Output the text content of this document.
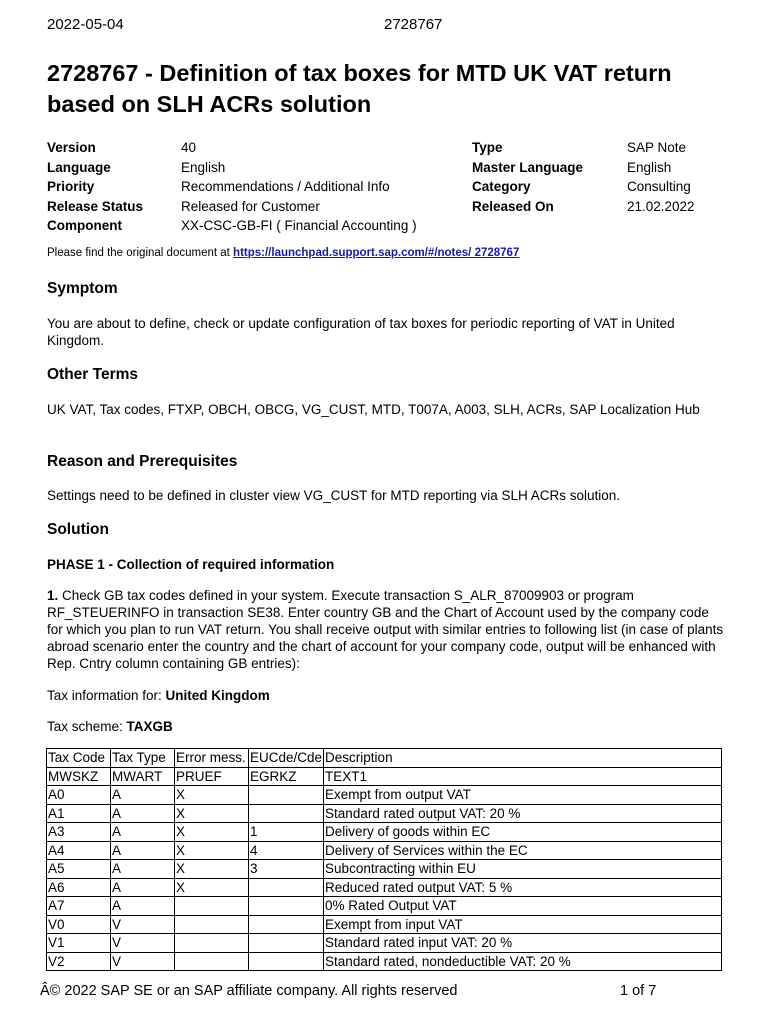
2022-05-04	2728767
2728767 - Definition of tax boxes for MTD UK VAT return based on SLH ACRs solution
Version	40
Language	English
Priority	Recommendations / Additional Info
Release Status	Released for Customer
Component	XX-CSC-GB-FI ( Financial Accounting )
Type	SAP Note
Master Language	English
Category	Consulting
Released On	21.02.2022
Please find the original document at https://launchpad.support.sap.com/#/notes/ 2728767
Symptom

You are about to define, check or update configuration of tax boxes for periodic reporting of VAT in United Kingdom.

Other Terms

UK VAT, Tax codes, FTXP, OBCH, OBCG, VG_CUST, MTD, T007A, A003, SLH, ACRs, SAP Localization Hub

Reason and Prerequisites

Settings need to be defined in cluster view VG_CUST for MTD reporting via SLH ACRs solution.

Solution

PHASE 1 - Collection of required information

1. Check GB tax codes defined in your system. Execute transaction S_ALR_87009903 or program RF_STEUERINFO in transaction SE38. Enter country GB and the Chart of Account used by the company code for which you plan to run VAT return. You shall receive output with similar entries to following list (in case of plants abroad scenario enter the country and the chart of account for your company code, output will be enhanced with Rep. Cntry column containing GB entries):

Tax information for: United Kingdom

Tax scheme: TAXGB

Tax Code	Tax Type	Error mess.	EUCde/Cde	Description
MWSKZ	MWART	PRUEF	EGRKZ	TEXT1
A0	A	X		Exempt from output VAT
A1	A	X		Standard rated output VAT: 20 %
A3	A	X	1	Delivery of goods within EC
A4	A	X	4	Delivery of Services within the EC
A5	A	X	3	Subcontracting within EU
A6	A	X		Reduced rated output VAT: 5 %
A7	A			0% Rated Output VAT
V0	V			Exempt from input VAT
V1	V			Standard rated input VAT: 20 %
V2	V			Standard rated, nondeductible VAT: 20 %
Â© 2022 SAP SE or an SAP affiliate company. All rights reserved	1 of 7
